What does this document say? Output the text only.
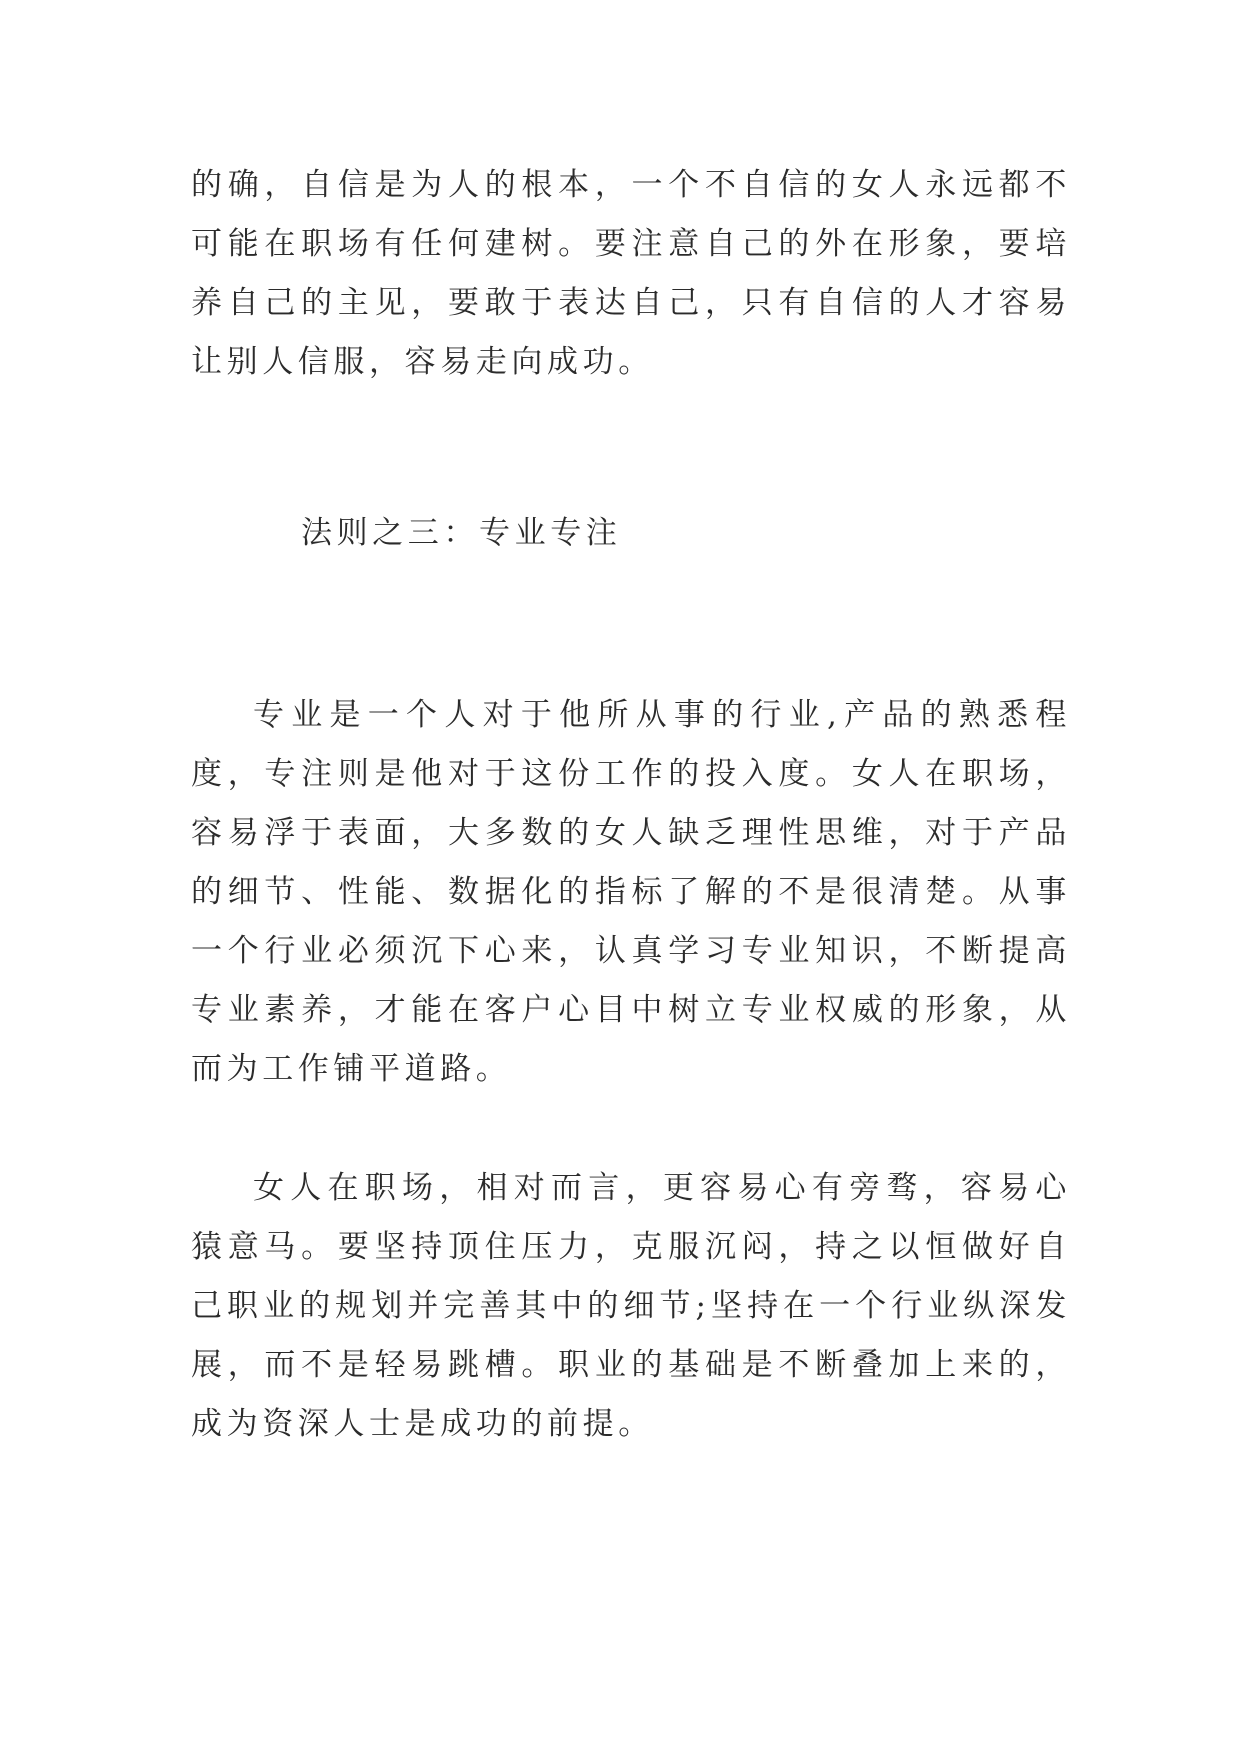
的确，自信是为人的根本，一个不自信的女人永远都不可能在职场有任何建树。要注意自己的外在形象，要培养自己的主见，要敢于表达自己，只有自信的人才容易让别人信服，容易走向成功。

法则之三：专业专注

专业是一个人对于他所从事的行业,产品的熟悉程度，专注则是他对于这份工作的投入度。女人在职场，容易浮于表面，大多数的女人缺乏理性思维，对于产品的细节、性能、数据化的指标了解的不是很清楚。从事一个行业必须沉下心来，认真学习专业知识，不断提高专业素养，才能在客户心目中树立专业权威的形象，从而为工作铺平道路。

女人在职场，相对而言，更容易心有旁骛，容易心猿意马。要坚持顶住压力，克服沉闷，持之以恒做好自己职业的规划并完善其中的细节;坚持在一个行业纵深发展，而不是轻易跳槽。职业的基础是不断叠加上来的，成为资深人士是成功的前提。
